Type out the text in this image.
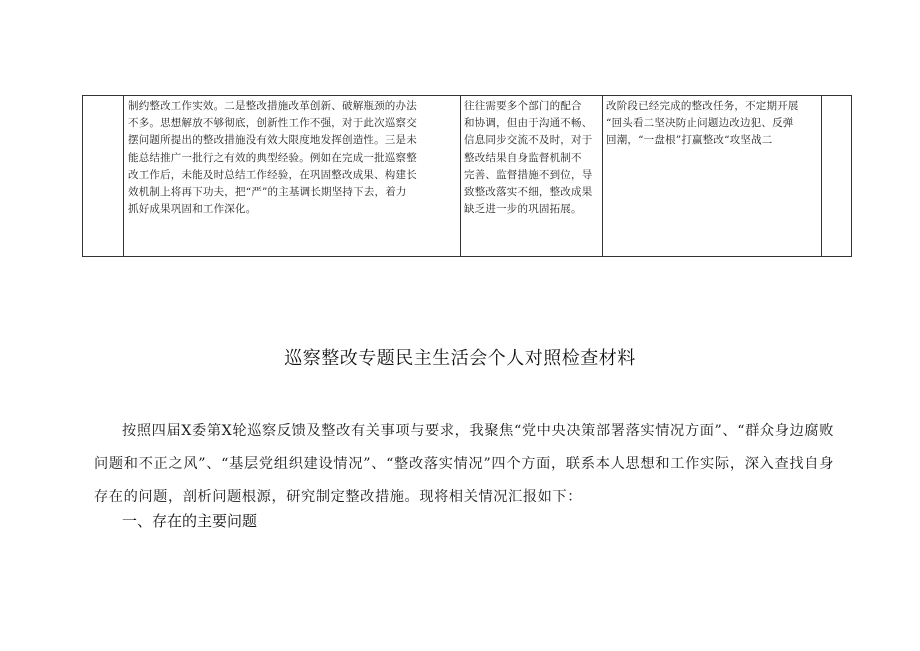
制约整改工作实效。二是整改措施改革创新、破解瓶颈的办法
不多。思想解放不够彻底，创新性工作不强，对于此次巡察交
摆问题所提出的整改措施没有效大限度地发挥创造性。三是未
能总结推广一批行之有效的典型经验。例如在完成一批巡察整
改工作后，未能及时总结工作经验，在巩固整改成果、构建长
效机制上将再下功夫，把“严”的主基调长期坚持下去，着力
抓好成果巩固和工作深化。
往往需要多个部门的配合
和协调，但由于沟通不畅、
信息同步交流不及时，对于
整改结果自身监督机制不
完善、监督措施不到位，导
致整改落实不细，整改成果
缺乏进一步的巩固拓展。
改阶段已经完成的整改任务，不定期开展
“回头看二坚决防止问题边改边犯、反弹
回潮，“一盘根”打赢整改“攻坚战二
巡察整改专题民主生活会个人对照检查材料
按照四届X委第X轮巡察反馈及整改有关事项与要求，我聚焦“党中央决策部署落实情况方面”、“群众身边腐败问题和不正之风”、“基层党组织建设情况”、“整改落实情况”四个方面，联系本人思想和工作实际，深入查找自身存在的问题，剖析问题根源，研究制定整改措施。现将相关情况汇报如下：
一、存在的主要问题
